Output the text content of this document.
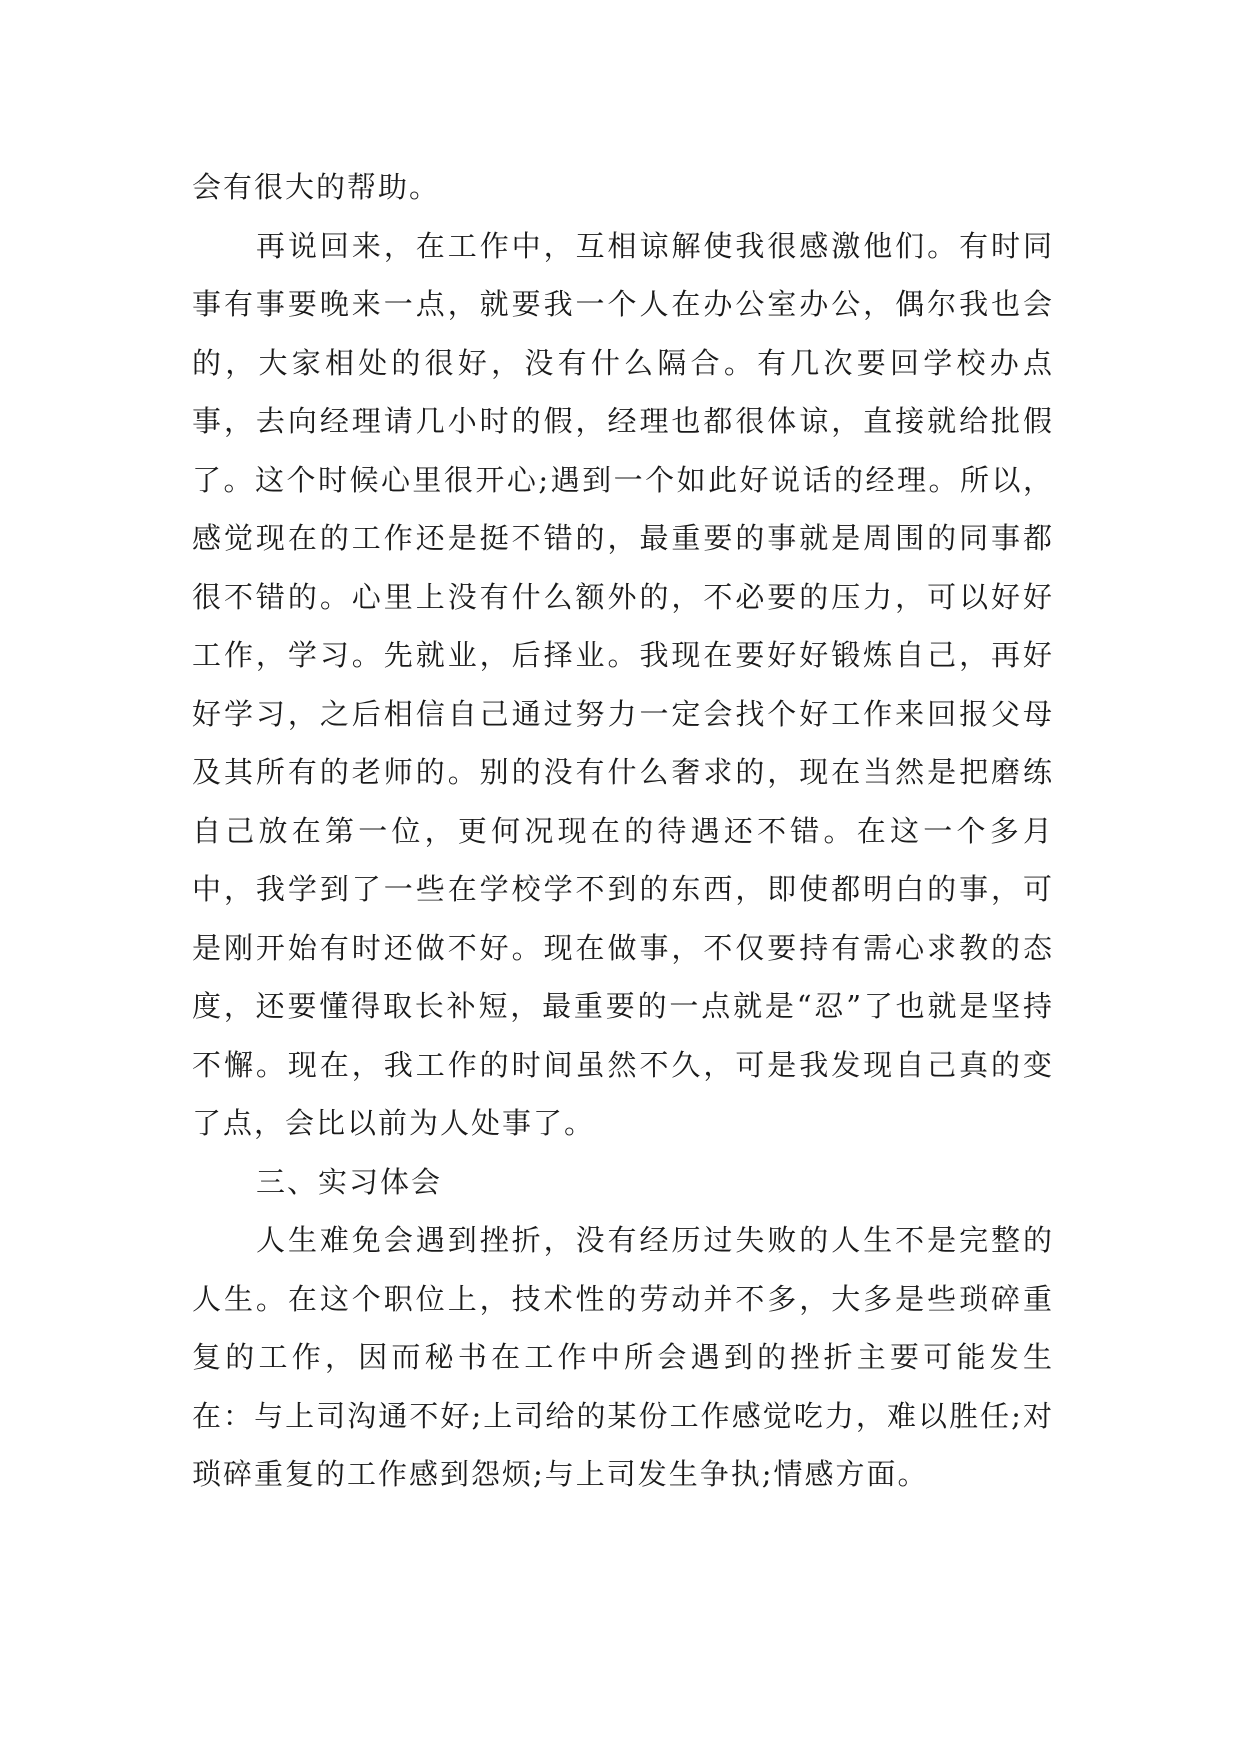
会有很大的帮助。

再说回来，在工作中，互相谅解使我很感激他们。有时同事有事要晚来一点，就要我一个人在办公室办公，偶尔我也会的，大家相处的很好，没有什么隔合。有几次要回学校办点事，去向经理请几小时的假，经理也都很体谅，直接就给批假了。这个时候心里很开心;遇到一个如此好说话的经理。所以，感觉现在的工作还是挺不错的，最重要的事就是周围的同事都很不错的。心里上没有什么额外的，不必要的压力，可以好好工作，学习。先就业，后择业。我现在要好好锻炼自己，再好好学习，之后相信自己通过努力一定会找个好工作来回报父母及其所有的老师的。别的没有什么奢求的，现在当然是把磨练自己放在第一位，更何况现在的待遇还不错。在这一个多月中，我学到了一些在学校学不到的东西，即使都明白的事，可是刚开始有时还做不好。现在做事，不仅要持有需心求教的态度，还要懂得取长补短，最重要的一点就是“忍”了也就是坚持不懈。现在，我工作的时间虽然不久，可是我发现自己真的变了点，会比以前为人处事了。

三、实习体会

人生难免会遇到挫折，没有经历过失败的人生不是完整的人生。在这个职位上，技术性的劳动并不多，大多是些琐碎重复的工作，因而秘书在工作中所会遇到的挫折主要可能发生在：与上司沟通不好;上司给的某份工作感觉吃力，难以胜任;对琐碎重复的工作感到怨烦;与上司发生争执;情感方面。
